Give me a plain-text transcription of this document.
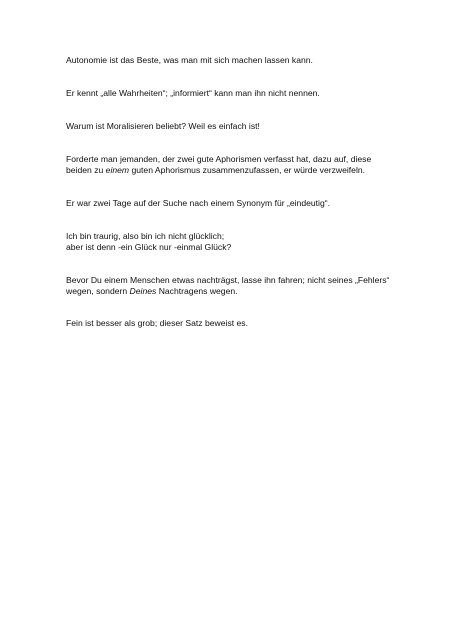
Autonomie ist das Beste, was man mit sich machen lassen kann.

Er kennt „alle Wahrheiten“; „informiert“ kann man ihn nicht nennen.

Warum ist Moralisieren beliebt? Weil es einfach ist!

Forderte man jemanden, der zwei gute Aphorismen verfasst hat, dazu auf, diese
beiden zu einem guten Aphorismus zusammenzufassen, er würde verzweifeln.

Er war zwei Tage auf der Suche nach einem Synonym für „eindeutig“.

Ich bin traurig, also bin ich nicht glücklich;
aber ist denn -ein Glück nur -einmal Glück?

Bevor Du einem Menschen etwas nachträgst, lasse ihn fahren; nicht seines „Fehlers“
wegen, sondern Deines Nachtragens wegen.

Fein ist besser als grob; dieser Satz beweist es.
